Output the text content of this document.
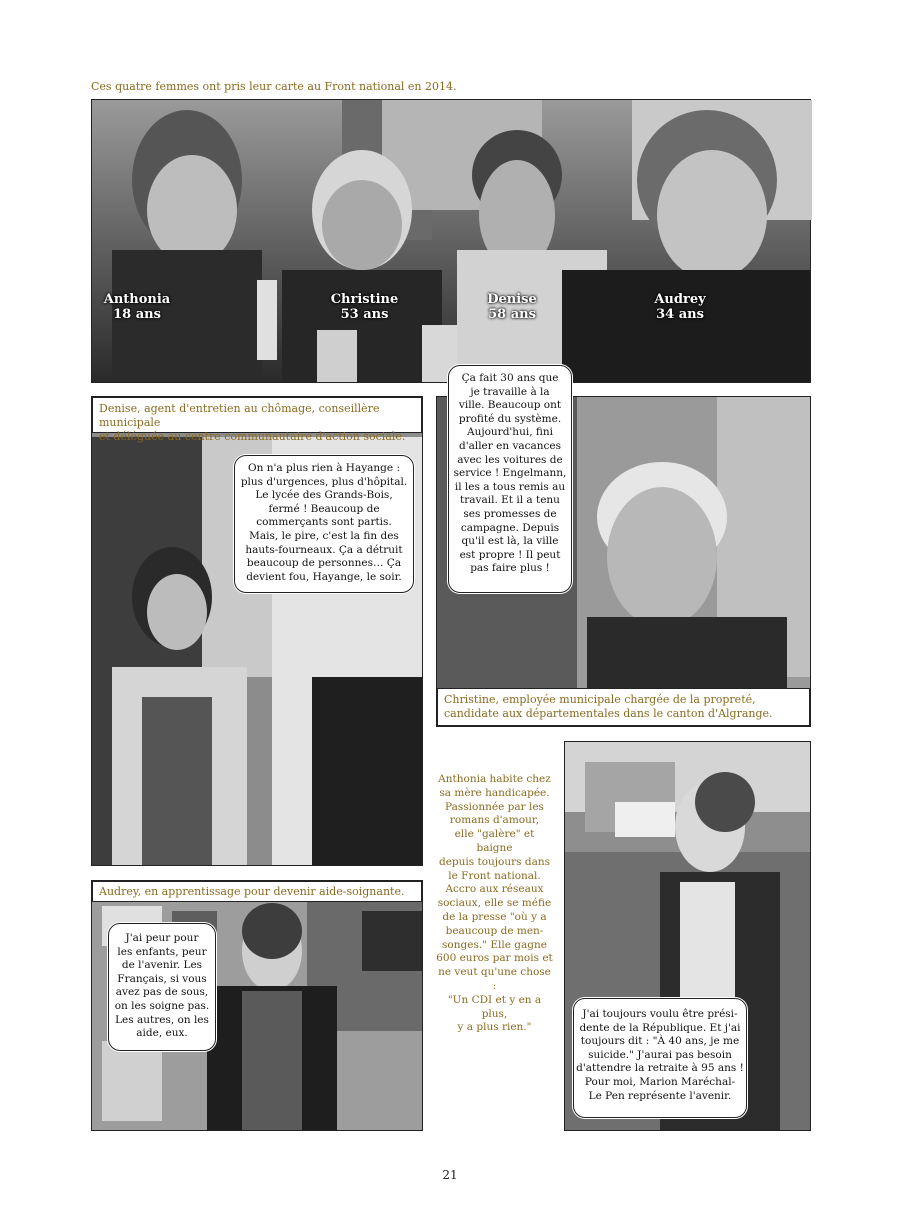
Ces quatre femmes ont pris leur carte au Front national en 2014.
Anthonia
18 ans
Christine
53 ans
Denise
58 ans
Audrey
34 ans
Denise, agent d'entretien au chômage, conseillère municipale
et déléguée au centre communautaire d'action sociale.
On n'a plus rien à Hayange :
plus d'urgences, plus d'hôpital.
Le lycée des Grands-Bois,
fermé ! Beaucoup de
commerçants sont partis.
Mais, le pire, c'est la fin des
hauts-fourneaux. Ça a détruit
beaucoup de personnes… Ça
devient fou, Hayange, le soir.
Ça fait 30 ans que
je travaille à la
ville. Beaucoup ont
profité du système.
Aujourd'hui, fini
d'aller en vacances
avec les voitures de
service ! Engelmann,
il les a tous remis au
travail. Et il a tenu
ses promesses de
campagne. Depuis
qu'il est là, la ville
est propre ! Il peut
pas faire plus !
Christine, employée municipale chargée de la propreté,
candidate aux départementales dans le canton d'Algrange.
Anthonia habite chez
sa mère handicapée.
Passionnée par les
romans d'amour,
elle "galère" et baigne
depuis toujours dans
le Front national.
Accro aux réseaux
sociaux, elle se méfie
de la presse "où y a
beaucoup de men-
songes." Elle gagne
600 euros par mois et
ne veut qu'une chose :
"Un CDI et y en a plus,
y a plus rien."
J'ai toujours voulu être prési-
dente de la République. Et j'ai
toujours dit : "À 40 ans, je me
suicide." J'aurai pas besoin
d'attendre la retraite à 95 ans !
Pour moi, Marion Maréchal-
Le Pen représente l'avenir.
Audrey, en apprentissage pour devenir aide-soignante.
J'ai peur pour
les enfants, peur
de l'avenir. Les
Français, si vous
avez pas de sous,
on les soigne pas.
Les autres, on les
aide, eux.
21
